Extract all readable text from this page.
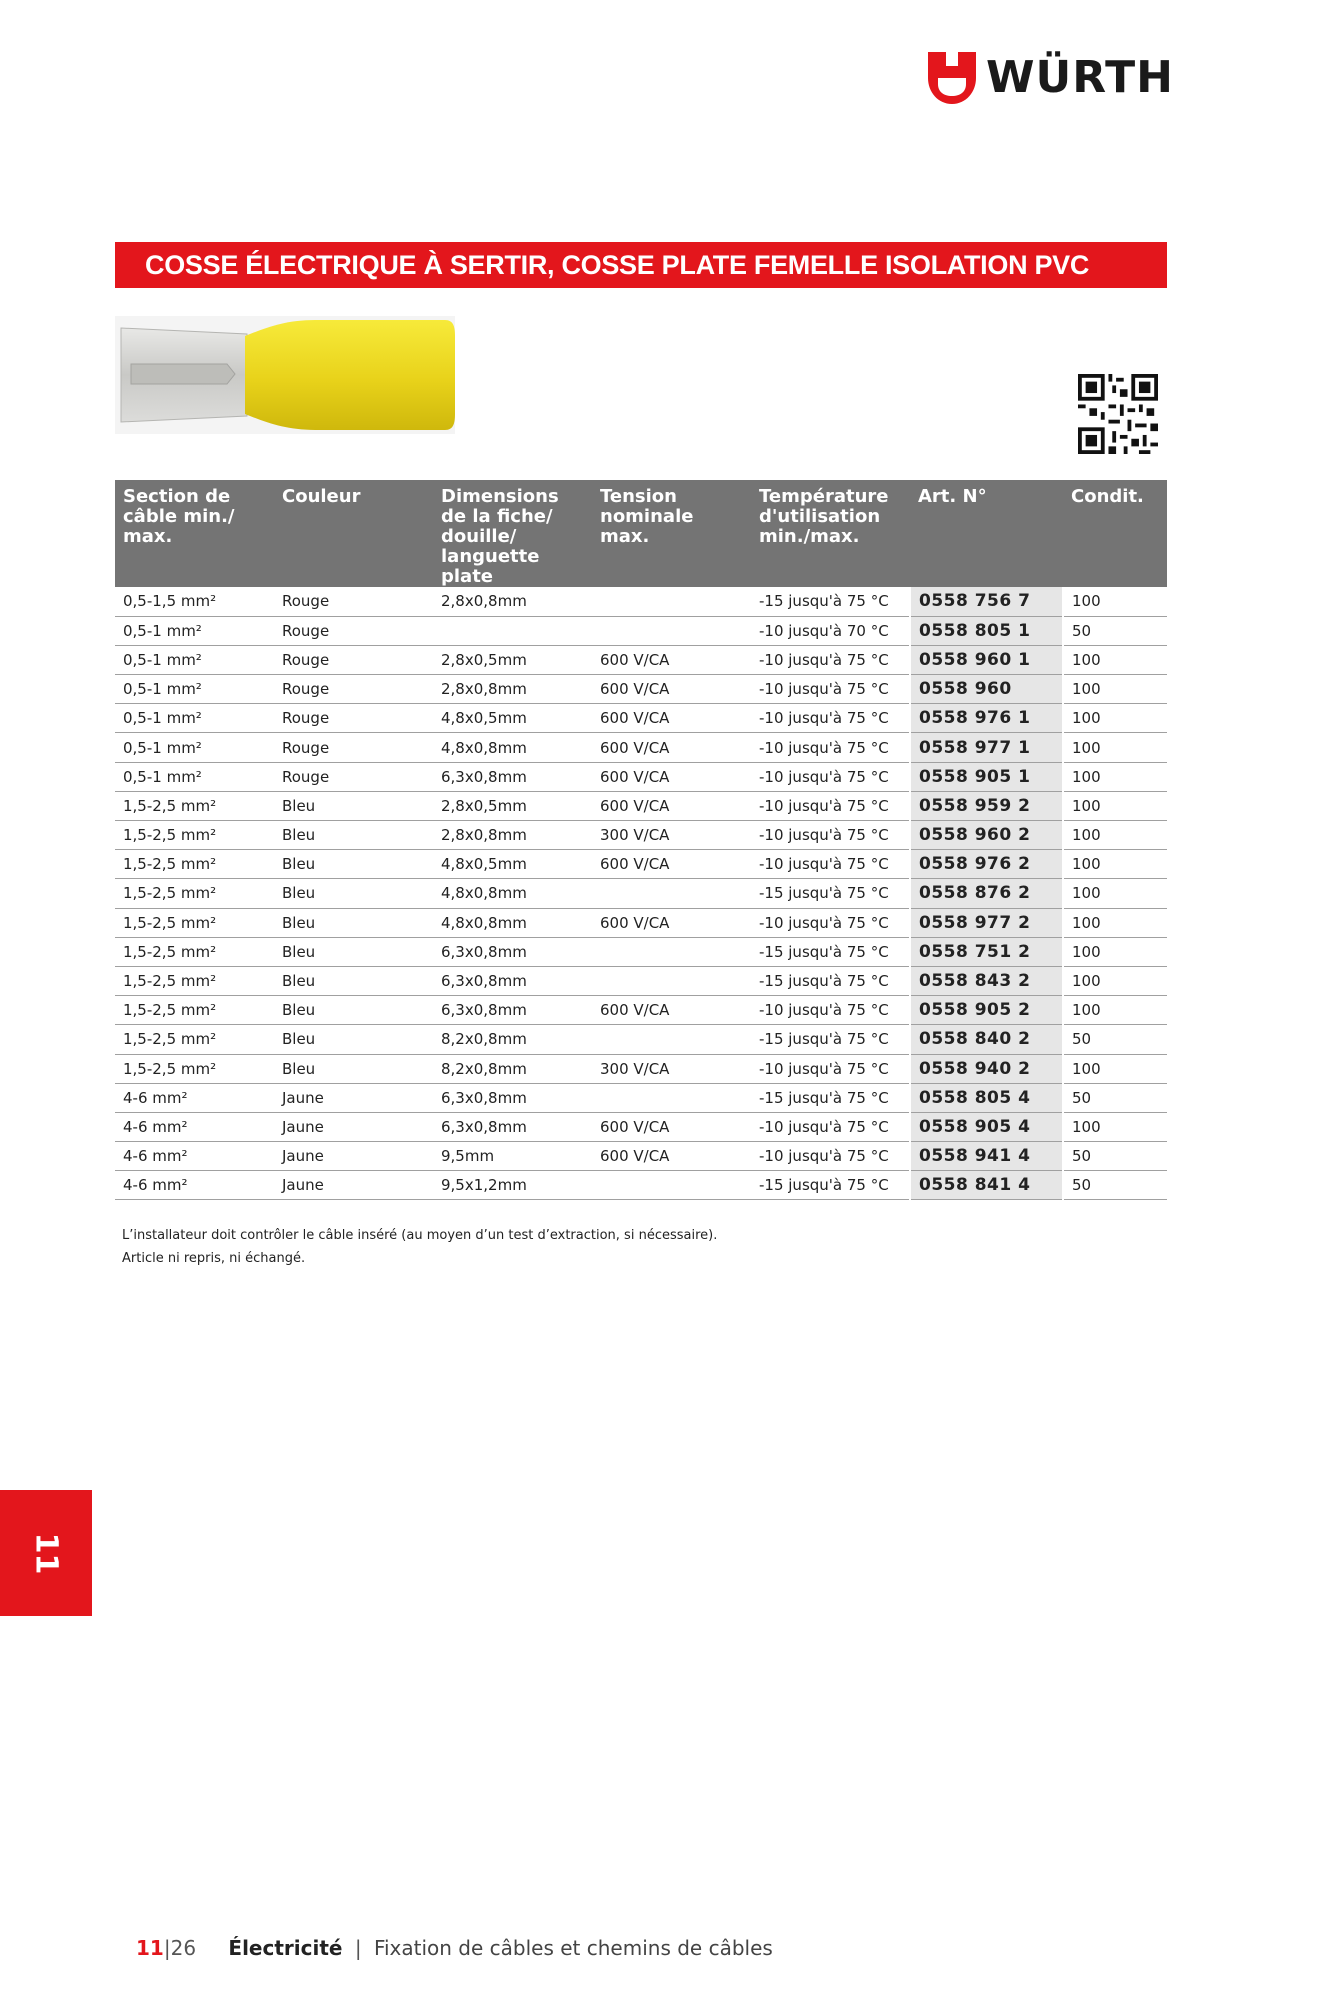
WÜRTH
COSSE ÉLECTRIQUE À SERTIR, COSSE PLATE FEMELLE ISOLATION PVC
Section de câble min./ max.	Couleur	Dimensions de la fiche/ douille/ languette plate	Tension nominale max.	Température d'utilisation min./max.	Art. N°	Condit.
0,5-1,5 mm²	Rouge	2,8x0,8mm		-15 jusqu'à 75 °C	0558 756 7	100
0,5-1 mm²	Rouge			-10 jusqu'à 70 °C	0558 805 1	50
0,5-1 mm²	Rouge	2,8x0,5mm	600 V/CA	-10 jusqu'à 75 °C	0558 960 1	100
0,5-1 mm²	Rouge	2,8x0,8mm	600 V/CA	-10 jusqu'à 75 °C	0558 960	100
0,5-1 mm²	Rouge	4,8x0,5mm	600 V/CA	-10 jusqu'à 75 °C	0558 976 1	100
0,5-1 mm²	Rouge	4,8x0,8mm	600 V/CA	-10 jusqu'à 75 °C	0558 977 1	100
0,5-1 mm²	Rouge	6,3x0,8mm	600 V/CA	-10 jusqu'à 75 °C	0558 905 1	100
1,5-2,5 mm²	Bleu	2,8x0,5mm	600 V/CA	-10 jusqu'à 75 °C	0558 959 2	100
1,5-2,5 mm²	Bleu	2,8x0,8mm	300 V/CA	-10 jusqu'à 75 °C	0558 960 2	100
1,5-2,5 mm²	Bleu	4,8x0,5mm	600 V/CA	-10 jusqu'à 75 °C	0558 976 2	100
1,5-2,5 mm²	Bleu	4,8x0,8mm		-15 jusqu'à 75 °C	0558 876 2	100
1,5-2,5 mm²	Bleu	4,8x0,8mm	600 V/CA	-10 jusqu'à 75 °C	0558 977 2	100
1,5-2,5 mm²	Bleu	6,3x0,8mm		-15 jusqu'à 75 °C	0558 751 2	100
1,5-2,5 mm²	Bleu	6,3x0,8mm		-15 jusqu'à 75 °C	0558 843 2	100
1,5-2,5 mm²	Bleu	6,3x0,8mm	600 V/CA	-10 jusqu'à 75 °C	0558 905 2	100
1,5-2,5 mm²	Bleu	8,2x0,8mm		-15 jusqu'à 75 °C	0558 840 2	50
1,5-2,5 mm²	Bleu	8,2x0,8mm	300 V/CA	-10 jusqu'à 75 °C	0558 940 2	100
4-6 mm²	Jaune	6,3x0,8mm		-15 jusqu'à 75 °C	0558 805 4	50
4-6 mm²	Jaune	6,3x0,8mm	600 V/CA	-10 jusqu'à 75 °C	0558 905 4	100
4-6 mm²	Jaune	9,5mm	600 V/CA	-10 jusqu'à 75 °C	0558 941 4	50
4-6 mm²	Jaune	9,5x1,2mm		-15 jusqu'à 75 °C	0558 841 4	50
L’installateur doit contrôler le câble inséré (au moyen d’un test d’extraction, si nécessaire).
Article ni repris, ni échangé.
11
11|26 Électricité | Fixation de câbles et chemins de câbles
